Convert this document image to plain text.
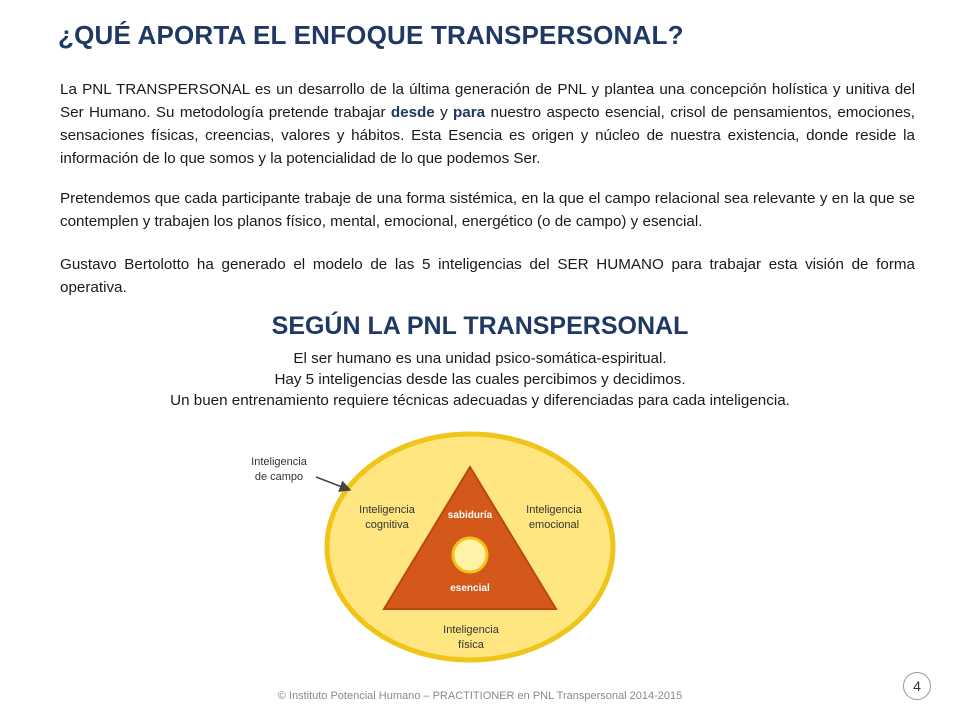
¿QUÉ APORTA EL ENFOQUE TRANSPERSONAL?
La PNL TRANSPERSONAL es un desarrollo de la última generación de PNL y plantea una concepción holística y unitiva del Ser Humano. Su metodología pretende trabajar desde y para nuestro aspecto esencial, crisol de pensamientos, emociones, sensaciones físicas, creencias, valores y hábitos. Esta Esencia es origen y núcleo de nuestra existencia, donde reside la información de lo que somos y la potencialidad de lo que podemos Ser.
Pretendemos que cada participante trabaje de una forma sistémica, en la que el campo relacional sea relevante y en la que se contemplen y trabajen los planos físico, mental, emocional, energético (o de campo) y esencial.
Gustavo Bertolotto ha generado el modelo de las 5 inteligencias del SER HUMANO para trabajar esta visión de forma operativa.
SEGÚN LA PNL TRANSPERSONAL
El ser humano es una unidad psico-somática-espiritual.
Hay 5 inteligencias desde las cuales percibimos y decidimos.
Un buen entrenamiento requiere técnicas adecuadas y diferenciadas para cada inteligencia.
Inteligencia
de campo
Inteligencia
cognitiva
Inteligencia
emocional
Inteligencia
física
sabiduría
esencial
© Instituto Potencial Humano – PRACTITIONER en PNL Transpersonal 2014-2015
4
